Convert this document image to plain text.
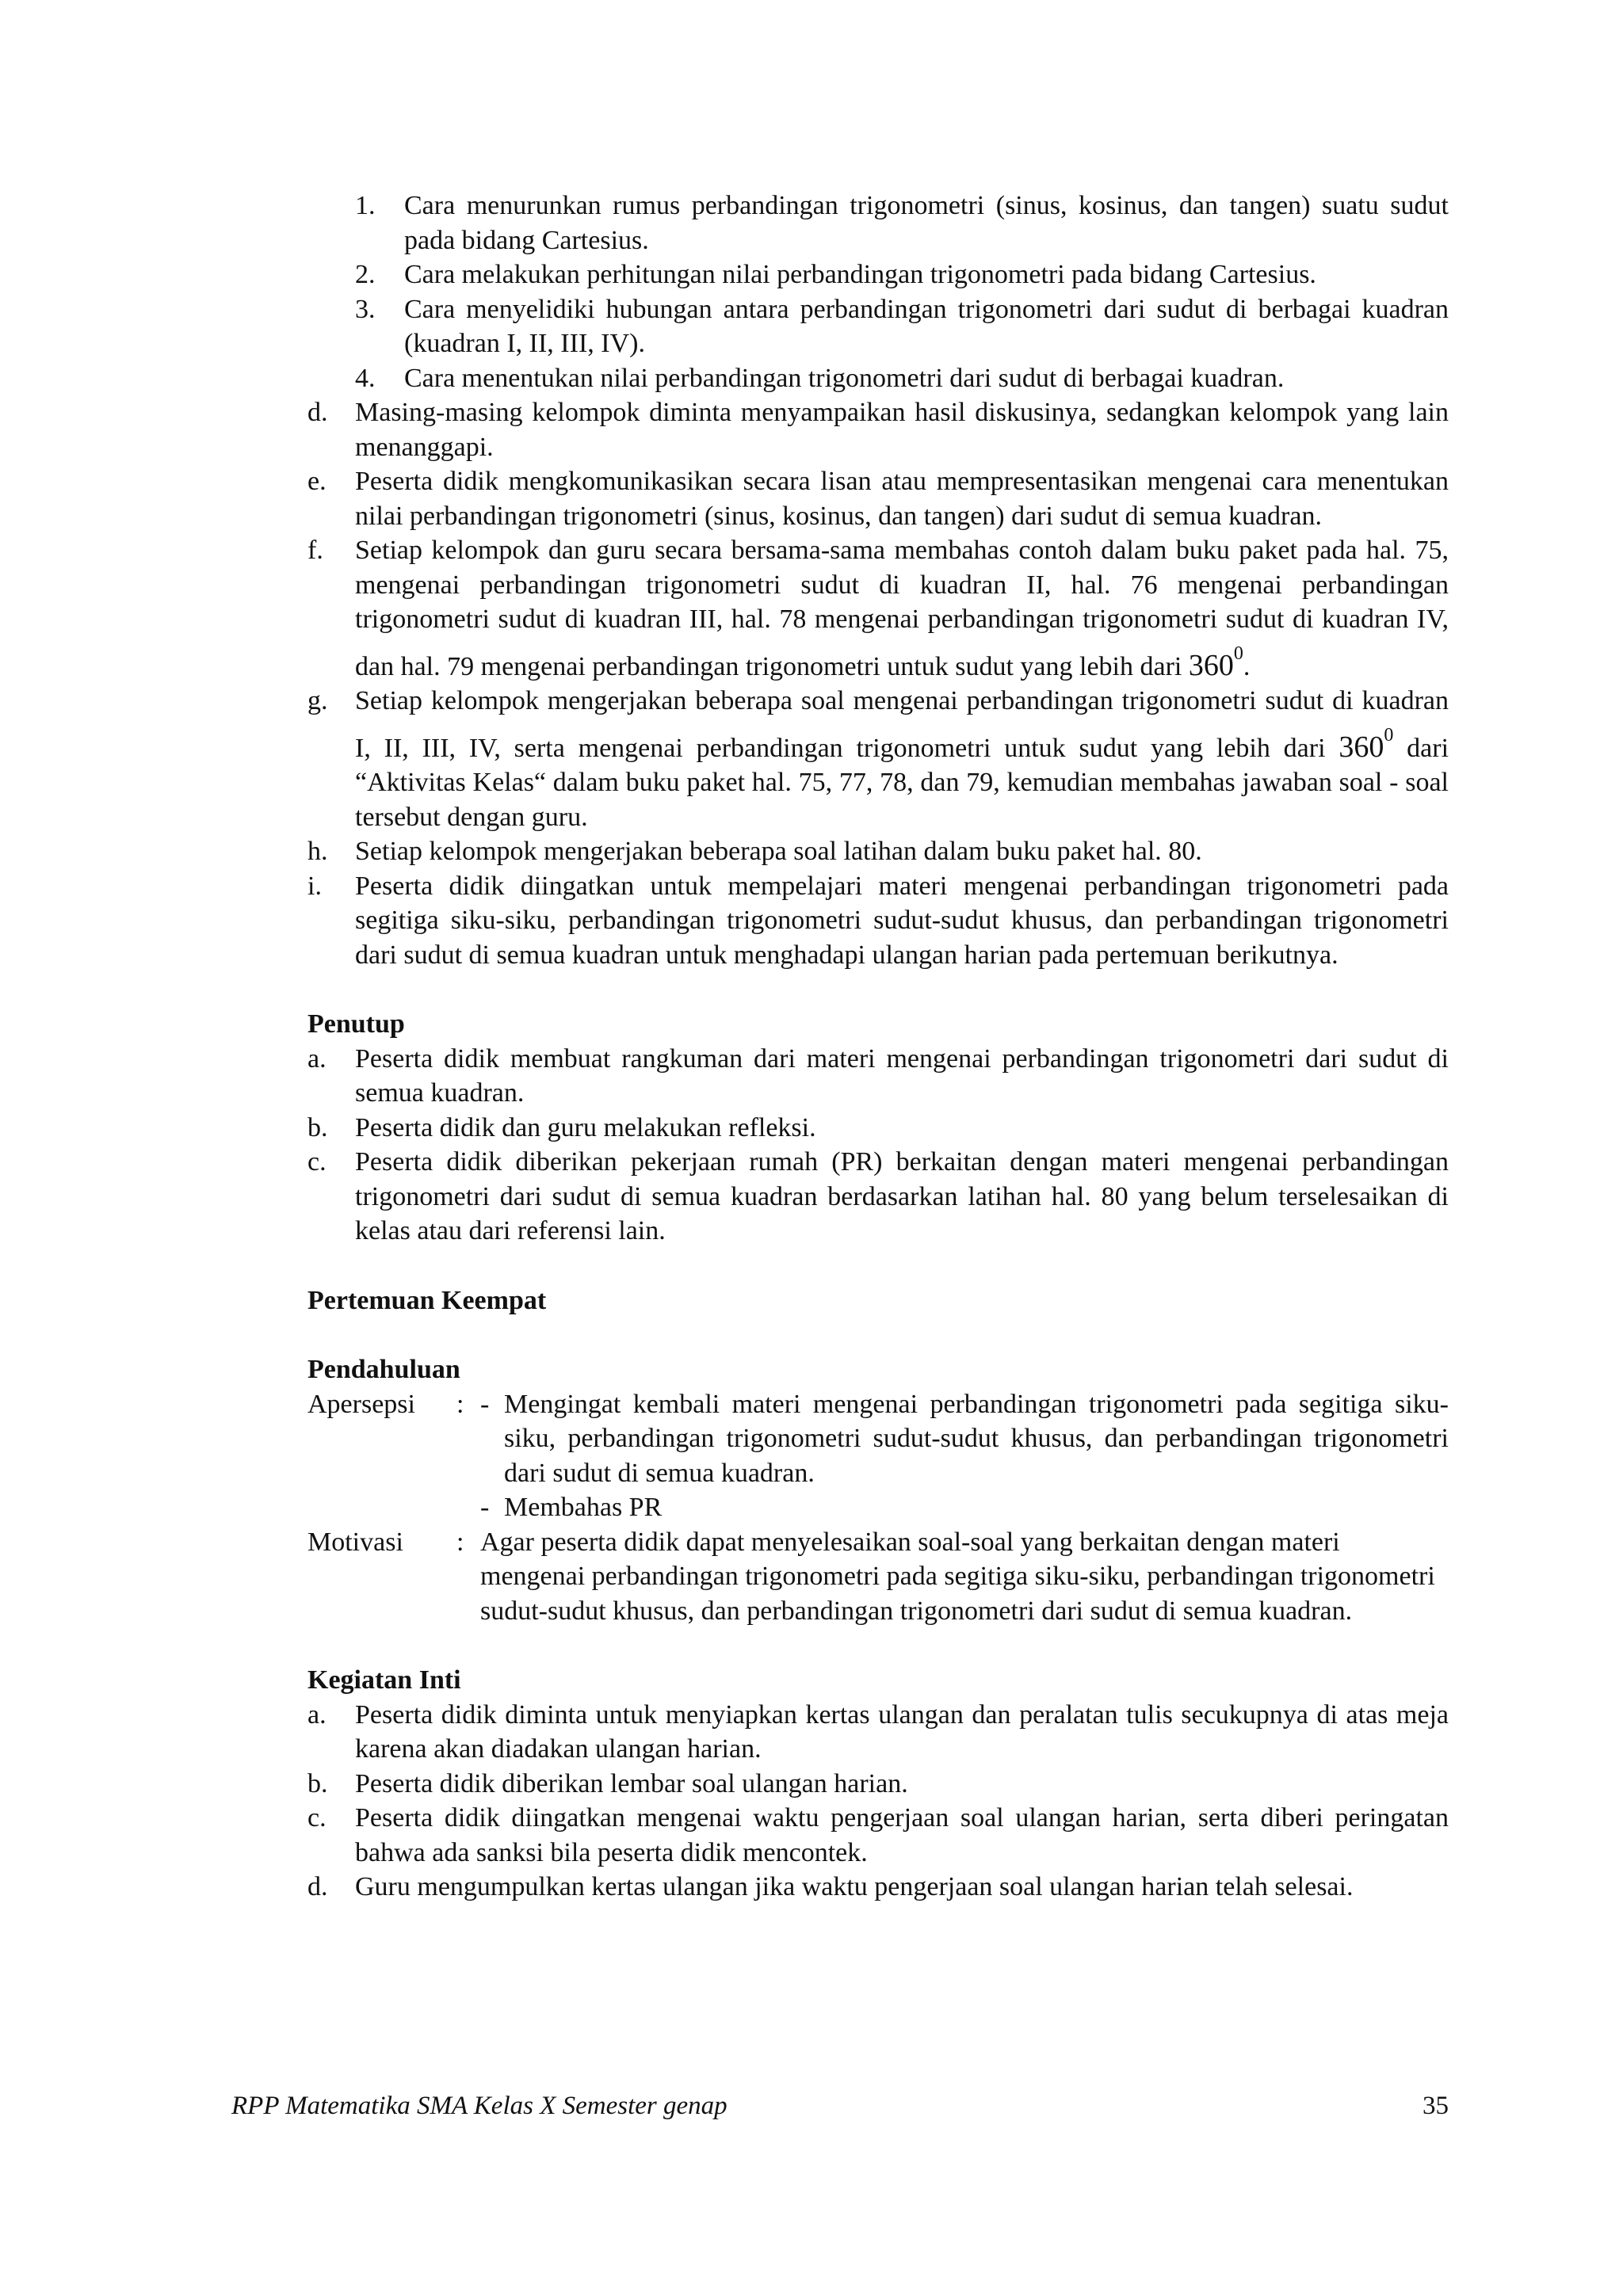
1.	Cara menurunkan rumus perbandingan trigonometri (sinus, kosinus, dan tangen) suatu sudut pada bidang Cartesius.
2.	Cara melakukan perhitungan nilai perbandingan trigonometri pada bidang Cartesius.
3.	Cara menyelidiki hubungan antara perbandingan trigonometri dari sudut di berbagai kuadran (kuadran I, II, III, IV).
4.	Cara menentukan nilai perbandingan trigonometri dari sudut di berbagai kuadran.
d.	Masing-masing kelompok diminta menyampaikan hasil diskusinya, sedangkan kelompok yang lain menanggapi.
e.	Peserta didik mengkomunikasikan secara lisan atau mempresentasikan mengenai cara menentukan nilai perbandingan trigonometri (sinus, kosinus, dan tangen) dari sudut di semua kuadran.
f.	Setiap kelompok dan guru secara bersama-sama membahas contoh dalam buku paket pada hal. 75, mengenai perbandingan trigonometri sudut di kuadran II, hal. 76 mengenai perbandingan trigonometri sudut di kuadran III, hal. 78 mengenai perbandingan trigonometri sudut di kuadran IV, dan hal. 79 mengenai perbandingan trigonometri untuk sudut yang lebih dari $360^0$.
g.	Setiap kelompok mengerjakan beberapa soal mengenai perbandingan trigonometri sudut di kuadran I, II, III, IV, serta mengenai perbandingan trigonometri untuk sudut yang lebih dari $360^0$ dari “Aktivitas Kelas“ dalam buku paket hal. 75, 77, 78, dan 79, kemudian membahas jawaban soal - soal tersebut dengan guru.
h.	Setiap kelompok mengerjakan beberapa soal latihan dalam buku paket hal. 80.
i.	Peserta didik diingatkan untuk mempelajari materi mengenai perbandingan trigonometri pada segitiga siku-siku, perbandingan trigonometri sudut-sudut khusus, dan perbandingan trigonometri dari sudut di semua kuadran untuk menghadapi ulangan harian pada pertemuan berikutnya.
Penutup
a.	Peserta didik membuat rangkuman dari materi mengenai perbandingan trigonometri dari sudut di semua kuadran.
b.	Peserta didik dan guru melakukan refleksi.
c.	Peserta didik diberikan pekerjaan rumah (PR) berkaitan dengan materi mengenai perbandingan trigonometri dari sudut di semua kuadran berdasarkan latihan hal. 80 yang belum terselesaikan di kelas atau dari referensi lain.
Pertemuan Keempat
Pendahuluan
Apersepsi	: - Mengingat kembali materi mengenai perbandingan trigonometri pada segitiga siku-siku, perbandingan trigonometri sudut-sudut khusus, dan perbandingan trigonometri dari sudut di semua kuadran.
- Membahas PR
Motivasi	: Agar peserta didik dapat menyelesaikan soal-soal yang berkaitan dengan materi mengenai perbandingan trigonometri pada segitiga siku-siku, perbandingan trigonometri sudut-sudut khusus, dan perbandingan trigonometri dari sudut di semua kuadran.
Kegiatan Inti
a.	Peserta didik diminta untuk menyiapkan kertas ulangan dan peralatan tulis secukupnya di atas meja karena akan diadakan ulangan harian.
b.	Peserta didik diberikan lembar soal ulangan harian.
c.	Peserta didik diingatkan mengenai waktu pengerjaan soal ulangan harian, serta diberi peringatan bahwa ada sanksi bila peserta didik mencontek.
d.	Guru mengumpulkan kertas ulangan jika waktu pengerjaan soal ulangan harian telah selesai.
RPP Matematika SMA Kelas X Semester genap	35
